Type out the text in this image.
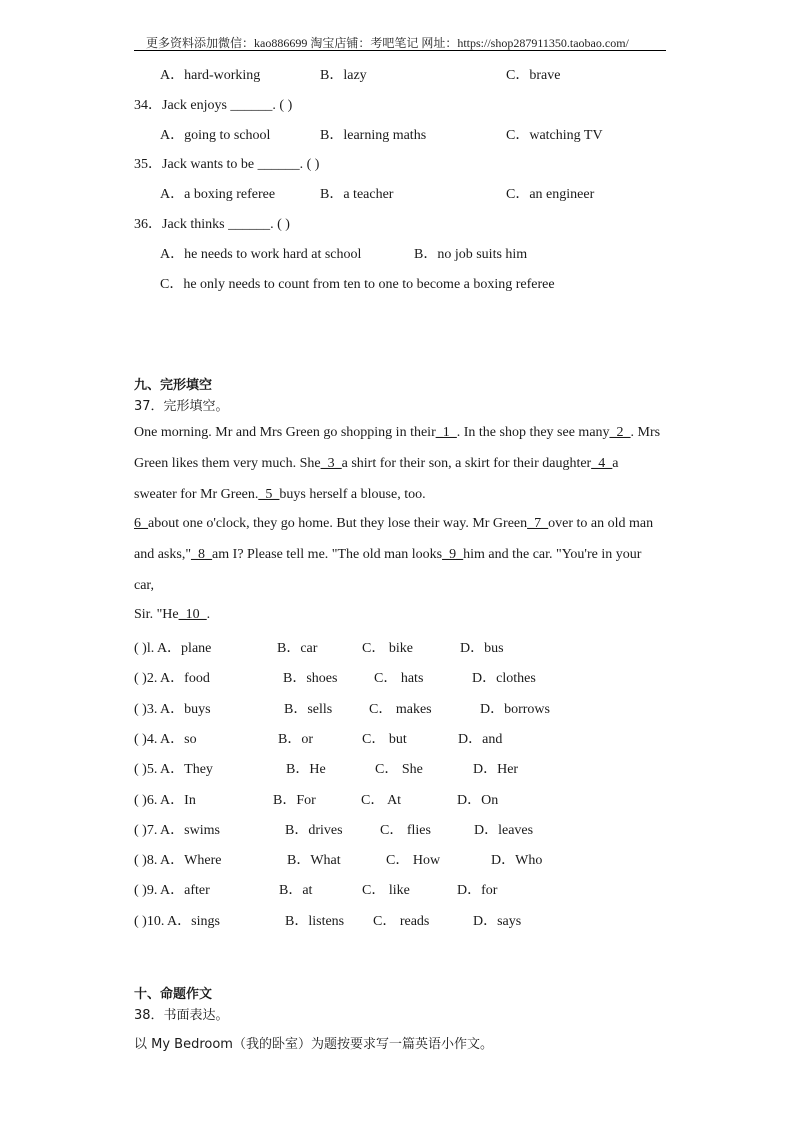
更多资料添加微信：kao886699 淘宝店铺：考吧笔记 网址：https://shop287911350.taobao.com/
A．hard-working	B．lazy	C．brave
34．Jack enjoys ______. ( )
A．going to school	B．learning maths	C．watching TV
35．Jack wants to be ______. ( )
A．a boxing referee	B．a teacher	C．an engineer
36．Jack thinks ______. ( )
A．he needs to work hard at school	B．no job suits him
C．he only needs to count from ten to one to become a boxing referee
九、完形填空
37．完形填空。
One morning. Mr and Mrs Green go shopping in their_1_. In the shop they see many_2_. Mrs
Green likes them very much. She_3_a shirt for their son, a skirt for their daughter_4_a
sweater for Mr Green._5_buys herself a blouse, too.
6_about one o'clock, they go home. But they lose their way. Mr Green_7_over to an old man
and asks,"_8_am I? Please tell me. "The old man looks_9_him and the car. "You're in your
car,
Sir. "He_10_.
( )l. A．plane	B．car	C． bike	D．bus
( )2. A．food	B．shoes	C． hats	D．clothes
( )3. A．buys	B．sells	C． makes	D．borrows
( )4. A．so	B．or	C． but	D．and
( )5. A．They	B．He	C． She	D．Her
( )6. A．In	B．For	C． At	D．On
( )7. A．swims	B．drives	C． flies	D．leaves
( )8. A．Where	B．What	C． How	D．Who
( )9. A．after	B．at	C． like	D．for
( )10. A．sings	B．listens C． reads	D．says
十、命题作文
38．书面表达。
以 My Bedroom（我的卧室）为题按要求写一篇英语小作文。
